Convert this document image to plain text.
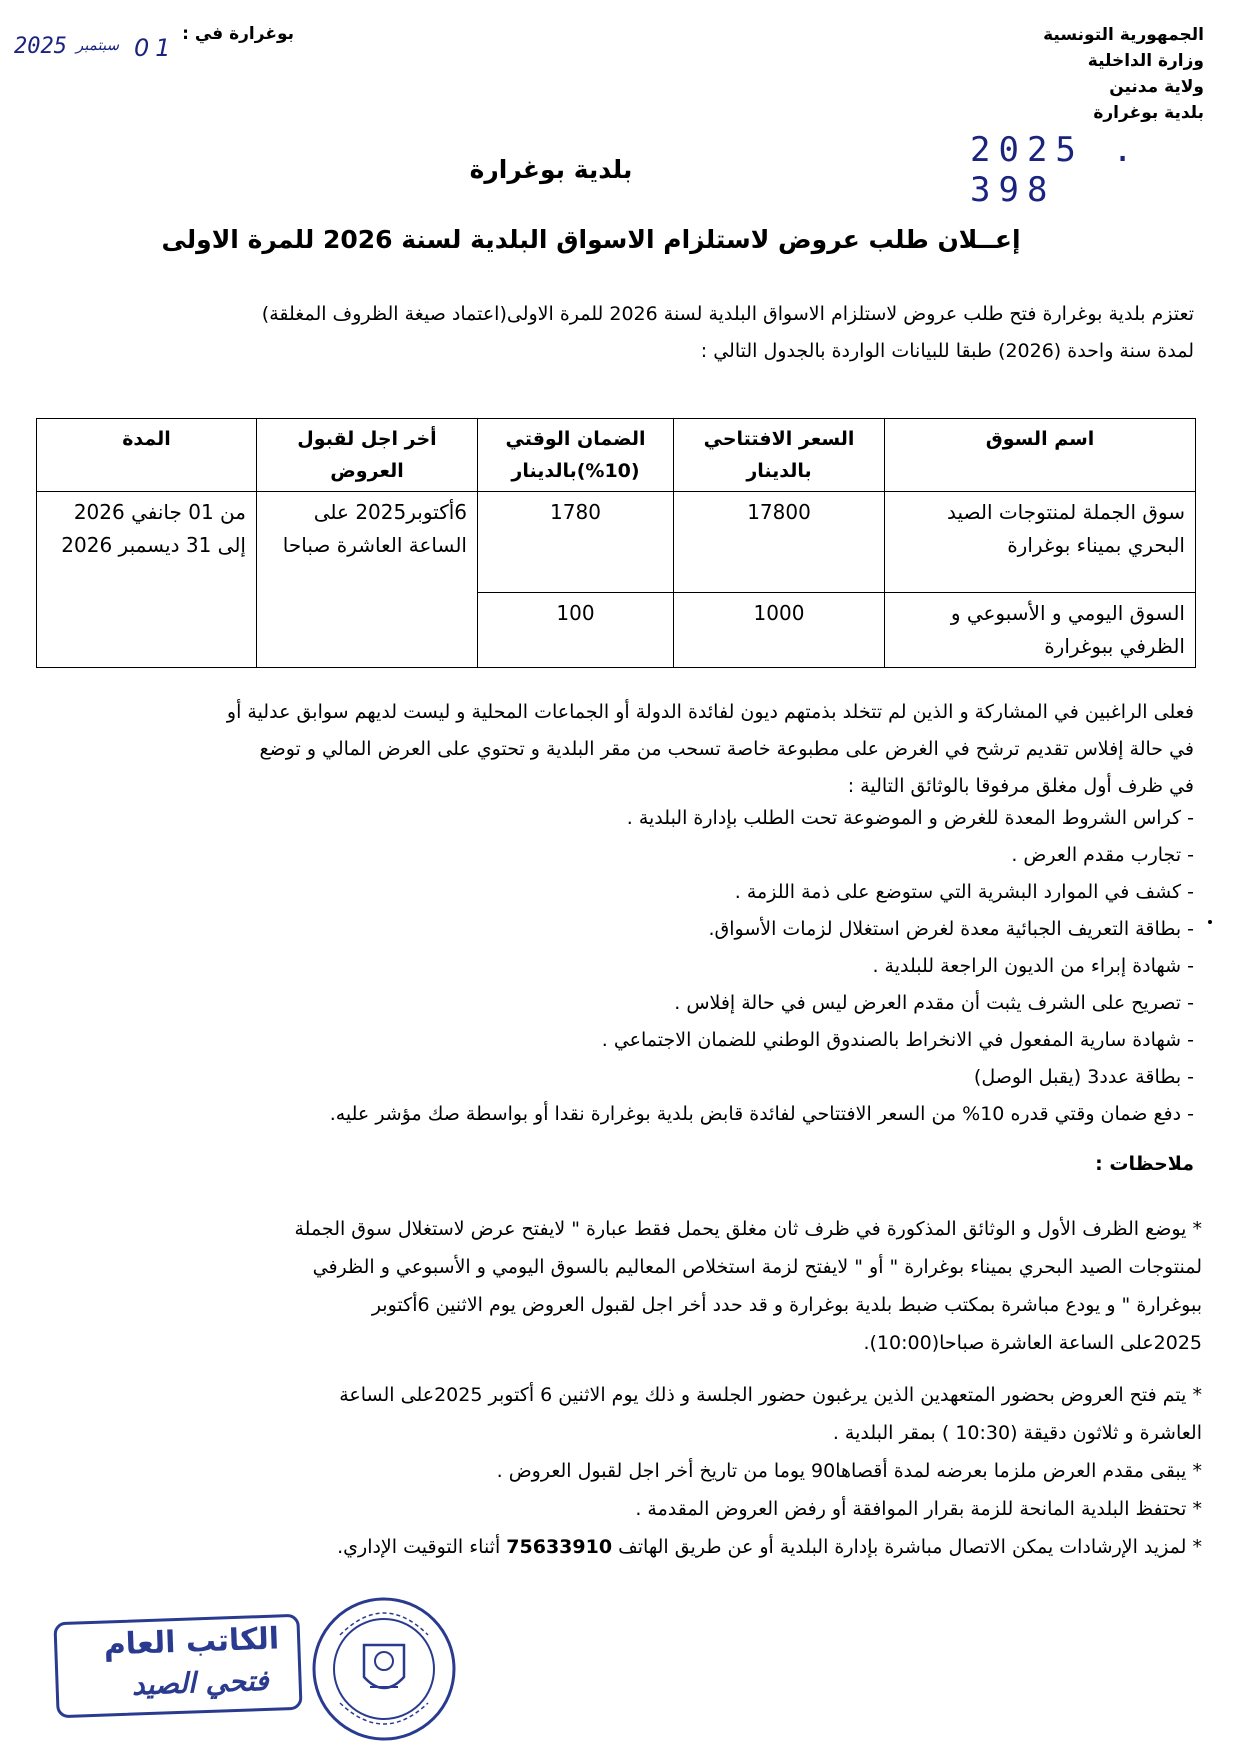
الجمهورية التونسية
وزارة الداخلية
ولاية مدنين
بلدية بوغرارة
بوغرارة في :
01
سبتمبر
2025
2025 . 398
بلدية بوغرارة
إعــلان طلب عروض لاستلزام الاسواق البلدية لسنة 2026 للمرة الاولى
تعتزم بلدية بوغرارة فتح طلب عروض لاستلزام الاسواق البلدية لسنة 2026 للمرة الاولى(اعتماد صيغة الظروف المغلقة)
لمدة سنة واحدة (2026) طبقا للبيانات الواردة بالجدول التالي :
اسم السوق	السعر الافتتاحي بالدينار	الضمان الوقتي (10%)بالدينار	أخر اجل لقبول العروض	المدة
سوق الجملة لمنتوجات الصيد البحري بميناء بوغرارة	17800	1780	6أكتوبر2025 على الساعة العاشرة صباحا	من 01 جانفي 2026
إلى 31 ديسمبر 2026

السوق اليومي و الأسبوعي و الظرفي ببوغرارة	1000	100		
فعلى الراغبين في المشاركة و الذين لم تتخلد بذمتهم ديون لفائدة الدولة أو الجماعات المحلية و ليست لديهم سوابق عدلية أو
في حالة إفلاس تقديم ترشح في الغرض على مطبوعة خاصة تسحب من مقر البلدية و تحتوي على العرض المالي و توضع
في ظرف أول مغلق مرفوقا بالوثائق التالية :
- كراس الشروط المعدة للغرض و الموضوعة تحت الطلب بإدارة البلدية .
- تجارب مقدم العرض .
- كشف في الموارد البشرية التي ستوضع على ذمة اللزمة .
- بطاقة التعريف الجبائية معدة لغرض استغلال لزمات الأسواق.
- شهادة إبراء من الديون الراجعة للبلدية .
- تصريح على الشرف يثبت أن مقدم العرض ليس في حالة إفلاس .
- شهادة سارية المفعول في الانخراط بالصندوق الوطني للضمان الاجتماعي .
- بطاقة عدد3 (يقبل الوصل)
- دفع ضمان وقتي قدره 10% من السعر الافتتاحي لفائدة قابض بلدية بوغرارة نقدا أو بواسطة صك مؤشر عليه.
ملاحظات :
* يوضع الظرف الأول و الوثائق المذكورة في ظرف ثان مغلق يحمل فقط عبارة " لايفتح عرض لاستغلال سوق الجملة
لمنتوجات الصيد البحري بميناء بوغرارة " أو " لايفتح لزمة استخلاص المعاليم بالسوق اليومي و الأسبوعي و الظرفي
ببوغرارة " و يودع مباشرة بمكتب ضبط بلدية بوغرارة و قد حدد أخر اجل لقبول العروض يوم الاثنين 6أكتوبر
2025على الساعة العاشرة صباحا(10:00).
* يتم فتح العروض بحضور المتعهدين الذين يرغبون حضور الجلسة و ذلك يوم الاثنين 6 أكتوبر 2025على الساعة
العاشرة و ثلاثون دقيقة (10:30 ) بمقر البلدية .
* يبقى مقدم العرض ملزما بعرضه لمدة أقصاها90 يوما من تاريخ أخر اجل لقبول العروض .
* تحتفظ البلدية المانحة للزمة بقرار الموافقة أو رفض العروض المقدمة .
* لمزيد الإرشادات يمكن الاتصال مباشرة بإدارة البلدية أو عن طريق الهاتف 75633910 أثناء التوقيت الإداري.
الكاتب العام
فتحي الصيد
